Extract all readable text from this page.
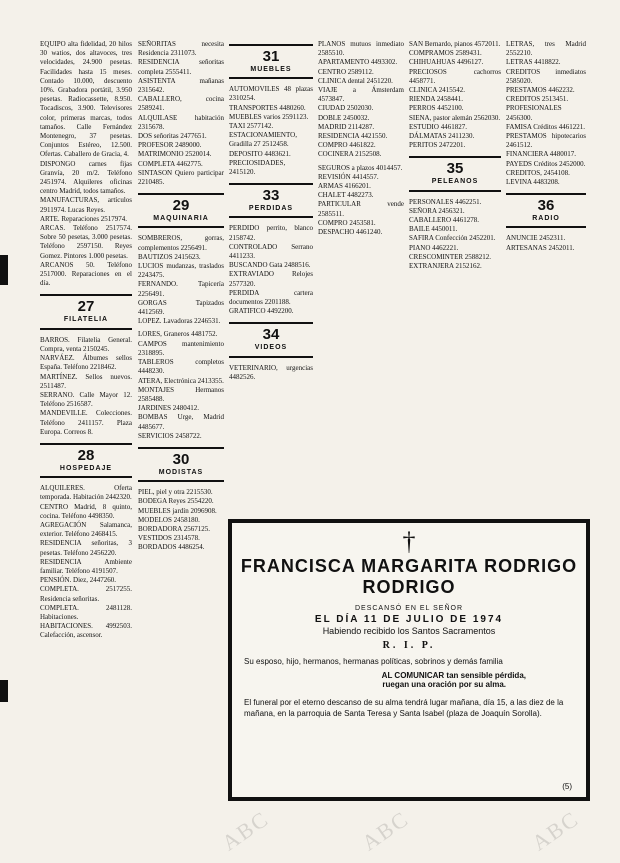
EQUIPO alta fidelidad, 20 hilos 30 watios, dos altavoces, tres velocidades, 24.900 pesetas. Facilidades hasta 15 meses. Contado 10.000, descuento 10%. Grabadora portátil, 3.950 pesetas. Radiocassette, 8.950. Tocadiscos, 3.900. Televisores color, primeras marcas, todos tamaños. Calle Fernández Montenegro, 37 pesetas. Conjuntos Estéreo, 12.500. Ofertas. Caballero de Gracia, 4.

DISPONGO carnes fijas Granvía, 20 m/2. Teléfono 2451974. Alquileres oficinas centro Madrid, todos tamaños.

MANUFACTURAS, artículos 2911974. Lucas Reyes.

ARTE. Reparaciones 2517974.

ARCAS. Teléfono 2517574. Sobre 50 pesetas, 3.000 pesetas. Teléfono 2597150. Reyes Gomez. Pintores 1.000 pesetas.

ARCANOS 50. Teléfono 2517000. Reparaciones en el día.

27
FILATELIA

BARROS. Filatelia General. Compra, venta 2150245.

NARVÁEZ. Álbumes sellos España. Teléfono 2218462.

MARTÍNEZ. Sellos nuevos. 2511487.

SERRANO. Calle Mayor 12. Teléfono 2516587.

MANDEVILLE. Colecciones. Teléfono 2411157. Plaza Europa. Correos 8.

28
HOSPEDAJE

ALQUILERES. Oferta temporada. Habitación 2442320.

CENTRO Madrid, 8 quinto, cocina. Teléfono 4498350.

AGREGACIÓN Salamanca, exterior. Teléfono 2468415.

RESIDENCIA señoritas, 3 pesetas. Teléfono 2456220.

RESIDENCIA Ambiente familiar. Teléfono 4191507.

PENSIÓN. Diez, 2447260.

COMPLETA. 2517255. Residencia señoritas.

COMPLETA. 2481128. Habitaciones.

HABITACIONES. 4992503. Calefacción, ascensor.

SEÑORITAS necesita Residencia 2311073.

RESIDENCIA señoritas completa 2555411.

ASISTENTA mañanas 2315642.

CABALLERO, cocina 2589241.

ALQUILASE habitación 2315678.

DOS señoritas 2477651.

PROFESOR 2489000.

MATRIMONIO 2520014.

COMPLETA 4462775.

SINTASON Quiero participar 2210485.

29
MAQUINARIA

SOMBREROS, gorras, complementos 2256491.

BAUTIZOS 2415623.

LUCIOS mudanzas, traslados 2243475.

FERNANDO. Tapicería 2256491.

GORGAS Tapizados 4412569.

LOPEZ. Lavadoras 2246531.

LORES, Graneros 4481752.

CAMPOS mantenimiento 2318895.

TABLEROS completos 4448230.

ATERA, Electrónica 2413355.

MONTAJES Hermanos 2585488.

JARDINES 2480412.

BOMBAS Urge, Madrid 4485677.

SERVICIOS 2458722.

30
MODISTAS

PIEL, piel y otra 2215530.

BODEGA Reyes 2554220.

MUEBLES jardín 2096908.

MODELOS 2458180.

BORDADORA 2567125.

VESTIDOS 2314578.

BORDADOS 4486254.

31
MUEBLES

AUTOMOVILES 48 plazas 2310254.

TRANSPORTES 4480260.

MUEBLES varios 2591123.

TAXI 2577142.

ESTACIONAMIENTO, Gradilla 27 2512458.

DEPOSITO 4483621.

PRECIOSIDADES, 2415120.

33
PERDIDAS

PERDIDO perrito, blanco 2158742.

CONTROLADO Serrano 4411233.

BUSCANDO Gata 2488516.

EXTRAVIADO Relojes 2577320.

PERDIDA cartera documentos 2201188.

GRATIFICO 4492200.

34
VIDEOS

VETERINARIO, urgencias 4482526.

PLANOS mutuos inmediato 2585510.

APARTAMENTO 4493302.

CENTRO 2589112.

CLINICA dental 2451220.

VIAJE a Ámsterdam 4573847.

CIUDAD 2502030.

DOBLE 2450032.

MADRID 2114287.

RESIDENCIA 4421550.

COMPRO 4461822.

COCINERA 2152508.

SEGUROS a plazos 4014457.

REVISIÓN 4414557.

ARMAS 4166201.

CHALET 4482273.

PARTICULAR vende 2585511.

COMPRO 2453581.

DESPACHO 4461240.

SAN Bernardo, pianos 4572011.

COMPRAMOS 2589431.

CHIHUAHUAS 4496127.

PRECIOSOS cachorros 4458771.

CLINICA 2415542.

RIENDA 2458441.

PERROS 4452100.

SIENA, pastor alemán 2562030.

ESTUDIO 4461827.

DÁLMATAS 2411230.

PERITOS 2472201.

35
PELEANOS

PERSONALES 4462251.

SEÑORA 2456321.

CABALLERO 4461278.

BAILE 4450011.

SAFIRA Confección 2452201.

PIANO 4462221.

CRESCOMINTER 2588212.

EXTRANJERA 2152162.

LETRAS, tres Madrid 2552210.

LETRAS 4418822.

CREDITOS inmediatos 2585020.

PRESTAMOS 4462232.

CREDITOS 2513451.

PROFESIONALES 2456300.

FAMISA Créditos 4461221.

PRESTAMOS hipotecarios 2461512.

FINANCIERA 4480017.

PAYEDS Créditos 2452000.

CREDITOS, 2454108.

LEVINA 4483208.

36
RADIO

ANUNCIE 2452311.

ARTESANAS 2452011.

†
FRANCISCA MARGARITA RODRIGO
RODRIGO
DESCANSÓ EN EL SEÑOR
EL DÍA 11 DE JULIO DE 1974
Habiendo recibido los Santos Sacramentos
R. I. P.
Su esposo, hijo, hermanos, hermanas políticas, sobrinos y demás familia
AL COMUNICAR tan sensible pérdida,
ruegan una oración por su alma.
El funeral por el eterno descanso de su alma tendrá lugar mañana, día 15, a las diez de la mañana, en la parroquia de Santa Teresa y Santa Isabel (plaza de Joaquín Sorolla).
(5)
ABC	ABC	ABC
